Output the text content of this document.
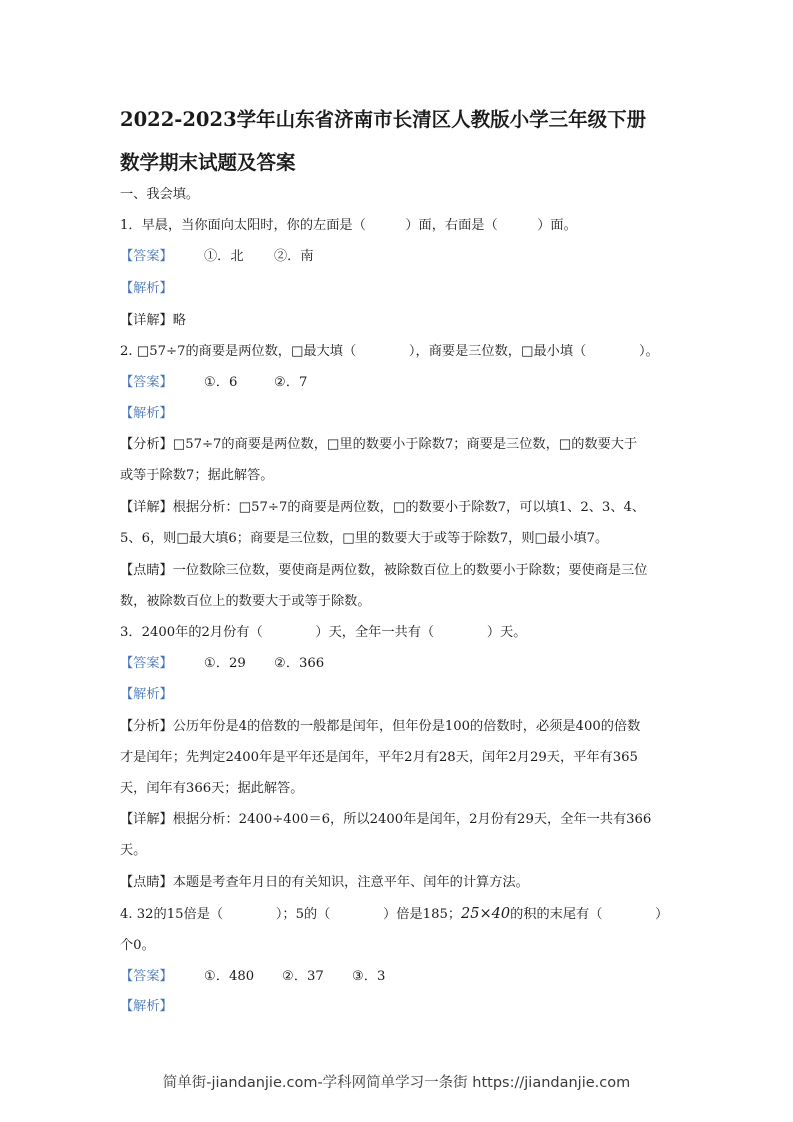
2022-2023学年山东省济南市长清区人教版小学三年级下册
数学期末试题及答案
一、我会填。
1．早晨，当你面向太阳时，你的左面是（　　　）面，右面是（　　　）面。
【答案】 ①．北 ②．南
【解析】
【详解】略
2. □57÷7的商要是两位数，□最大填（　　　　），商要是三位数，□最小填（　　　　）。
【答案】 ①．6	②．7
【解析】
【分析】□57÷7的商要是两位数，□里的数要小于除数7；商要是三位数，□的数要大于
或等于除数7；据此解答。
【详解】根据分析：□57÷7的商要是两位数，□的数要小于除数7，可以填1、2、3、4、
5、6，则□最大填6；商要是三位数，□里的数要大于或等于除数7，则□最小填7。
【点睛】一位数除三位数，要使商是两位数，被除数百位上的数要小于除数；要使商是三位
数，被除数百位上的数要大于或等于除数。
3．2400年的2月份有（　　　　）天，全年一共有（　　　　）天。
【答案】 ①．29 ②．366
【解析】
【分析】公历年份是4的倍数的一般都是闰年，但年份是100的倍数时，必须是400的倍数
才是闰年；先判定2400年是平年还是闰年，平年2月有28天，闰年2月29天，平年有365
天，闰年有366天；据此解答。
【详解】根据分析：2400÷400＝6，所以2400年是闰年，2月份有29天，全年一共有366
天。
【点睛】本题是考查年月日的有关知识，注意平年、闰年的计算方法。
4. 32的15倍是（　　　　）；5的（　　　　）倍是185；25×40的积的末尾有（　　　　）
个0。
【答案】 ①．480 ②．37 ③．3
【解析】
简单街-jiandanjie.com-学科网简单学习一条街 https://jiandanjie.com
